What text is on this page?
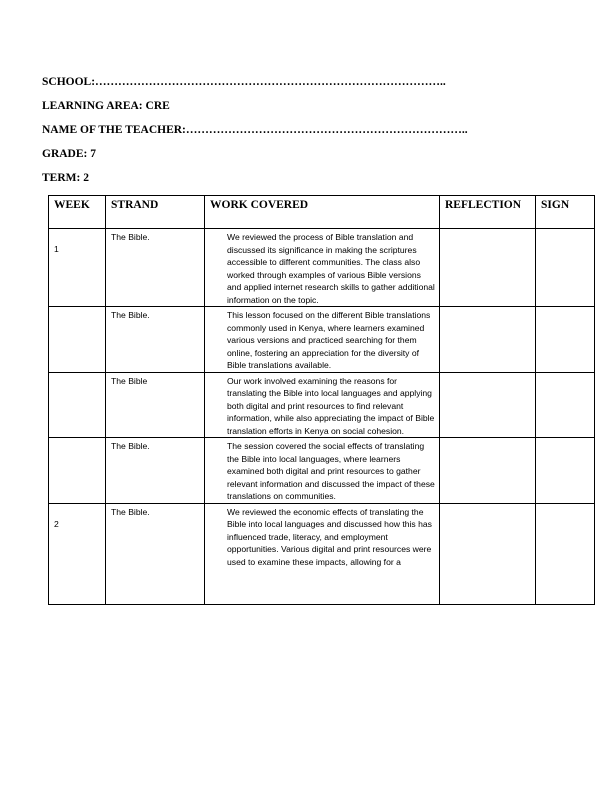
SCHOOL:………………………………………………………………………………..
LEARNING AREA: CRE
NAME OF THE TEACHER:………………………………………………………………..
GRADE: 7
TERM: 2
WEEK	STRAND	WORK COVERED	REFLECTION	SIGN
1	The Bible.	We reviewed the process of Bible translation and discussed its significance in making the scriptures accessible to different communities. The class also worked through examples of various Bible versions and applied internet research skills to gather additional information on the topic.		
	The Bible.	This lesson focused on the different Bible translations commonly used in Kenya, where learners examined various versions and practiced searching for them online, fostering an appreciation for the diversity of Bible translations available.		
	The Bible	Our work involved examining the reasons for translating the Bible into local languages and applying both digital and print resources to find relevant information, while also appreciating the impact of Bible translation efforts in Kenya on social cohesion.		
	The Bible.	The session covered the social effects of translating the Bible into local languages, where learners examined both digital and print resources to gather relevant information and discussed the impact of these translations on communities.		
2	The Bible.	We reviewed the economic effects of translating the Bible into local languages and discussed how this has influenced trade, literacy, and employment opportunities. Various digital and print resources were used to examine these impacts, allowing for a		
